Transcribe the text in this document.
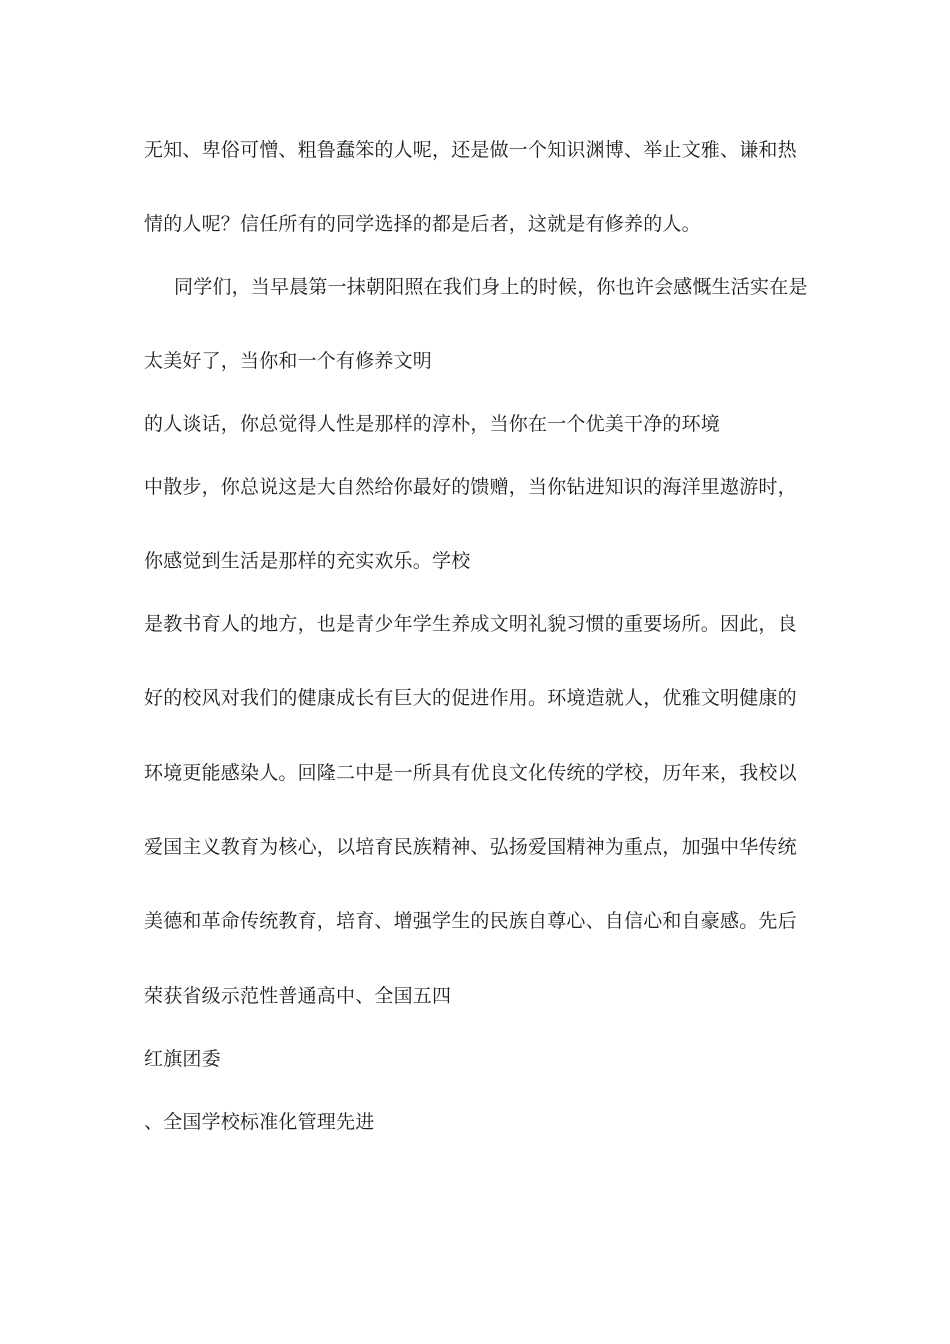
无知、卑俗可憎、粗鲁蠢笨的人呢，还是做一个知识渊博、举止文雅、谦和热
情的人呢？信任所有的同学选择的都是后者，这就是有修养的人。
同学们，当早晨第一抹朝阳照在我们身上的时候，你也许会感慨生活实在是
太美好了，当你和一个有修养文明
的人谈话，你总觉得人性是那样的淳朴，当你在一个优美干净的环境
中散步，你总说这是大自然给你最好的馈赠，当你钻进知识的海洋里遨游时，
你感觉到生活是那样的充实欢乐。学校
是教书育人的地方，也是青少年学生养成文明礼貌习惯的重要场所。因此，良
好的校风对我们的健康成长有巨大的促进作用。环境造就人，优雅文明健康的
环境更能感染人。回隆二中是一所具有优良文化传统的学校，历年来，我校以
爱国主义教育为核心，以培育民族精神、弘扬爱国精神为重点，加强中华传统
美德和革命传统教育，培育、增强学生的民族自尊心、自信心和自豪感。先后
荣获省级示范性普通高中、全国五四
红旗团委
、全国学校标准化管理先进
